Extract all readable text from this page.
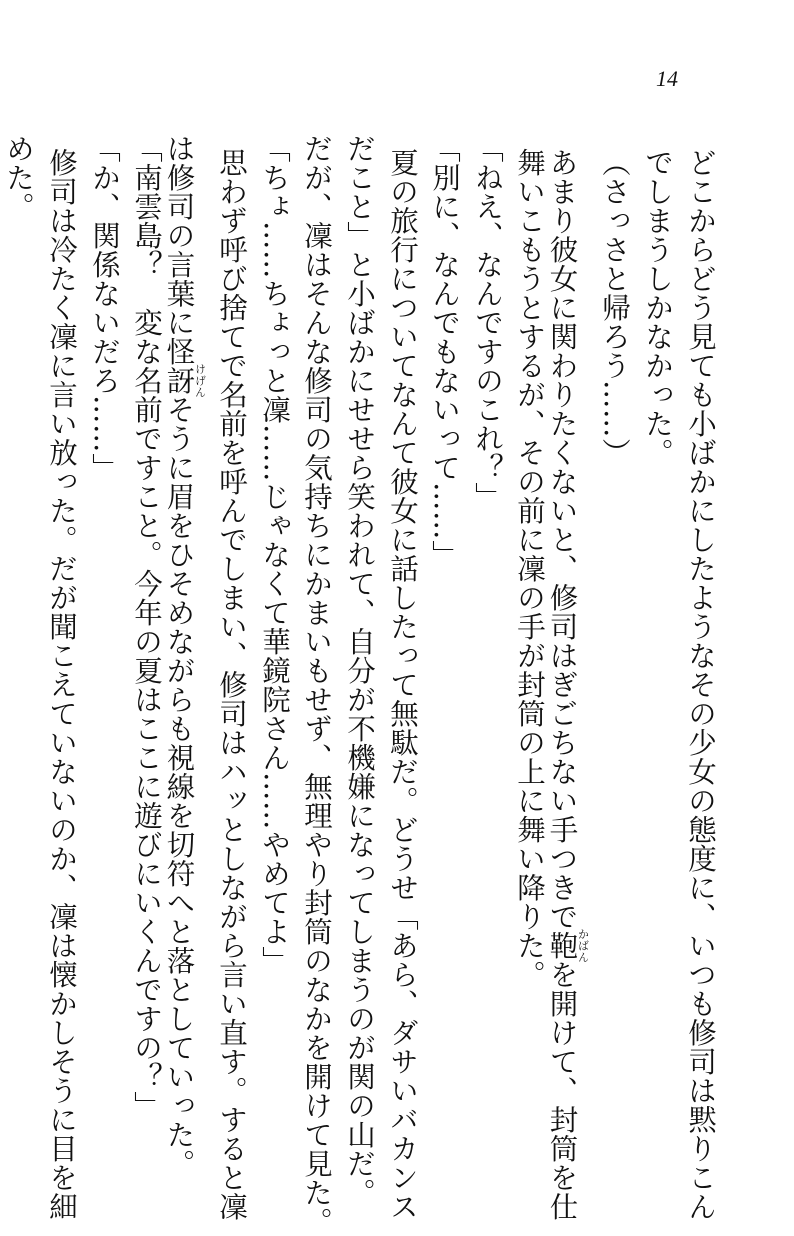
14
どこからどう見ても小ばかにしたようなその少女の態度に、いつも修司は黙りこん
でしまうしかなかった。
（さっさと帰ろう……）
あまり彼女に関わりたくないと、修司はぎごちない手つきで鞄かばんを開けて、封筒を仕
舞いこもうとするが、その前に凜の手が封筒の上に舞い降りた。
「ねえ、なんですのこれ？」
「別に、なんでもないって……」
夏の旅行についてなんて彼女に話したって無駄だ。どうせ「あら、ダサいバカンス
だこと」と小ばかにせせら笑われて、自分が不機嫌になってしまうのが関の山だ。
だが、凜はそんな修司の気持ちにかまいもせず、無理やり封筒のなかを開けて見た。
「ちょ……ちょっと凜……じゃなくて華鏡院さん……やめてよ」
思わず呼び捨てで名前を呼んでしまい、修司はハッとしながら言い直す。すると凜
は修司の言葉に怪訝けげんそうに眉をひそめながらも視線を切符へと落としていった。
「南雲島？　変な名前ですこと。今年の夏はここに遊びにいくんですの？」
「か、関係ないだろ……」
修司は冷たく凜に言い放った。だが聞こえていないのか、凜は懐かしそうに目を細
めた。
